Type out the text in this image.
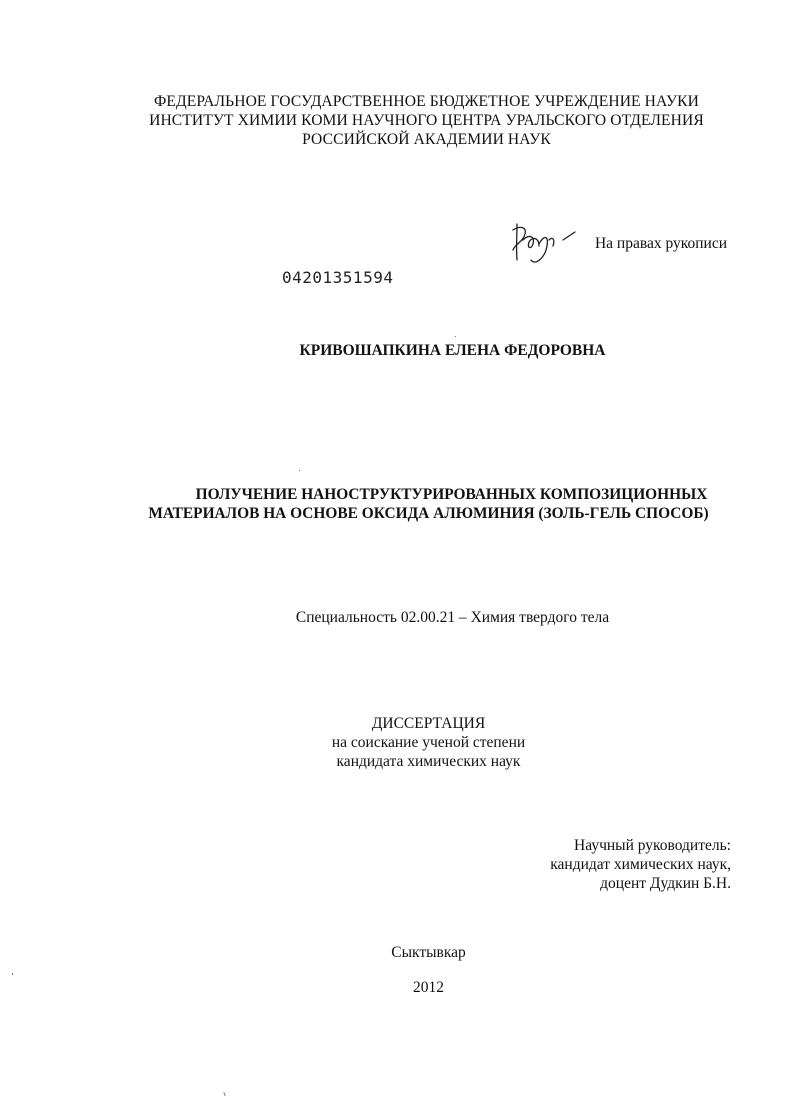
ФЕДЕРАЛЬНОЕ ГОСУДАРСТВЕННОЕ БЮДЖЕТНОЕ УЧРЕЖДЕНИЕ НАУКИ
ИНСТИТУТ ХИМИИ КОМИ НАУЧНОГО ЦЕНТРА УРАЛЬСКОГО ОТДЕЛЕНИЯ
РОССИЙСКОЙ АКАДЕМИИ НАУК
На правах рукописи
04201351594
КРИВОШАПКИНА ЕЛЕНА ФЕДОРОВНА
ПОЛУЧЕНИЕ НАНОСТРУКТУРИРОВАННЫХ КОМПОЗИЦИОННЫХ
МАТЕРИАЛОВ НА ОСНОВЕ ОКСИДА АЛЮМИНИЯ (ЗОЛЬ-ГЕЛЬ СПОСОБ)
Специальность 02.00.21 – Химия твердого тела
ДИССЕРТАЦИЯ
на соискание ученой степени
кандидата химических наук
Научный руководитель:
кандидат химических наук,
доцент Дудкин Б.Н.
Сыктывкар
2012
